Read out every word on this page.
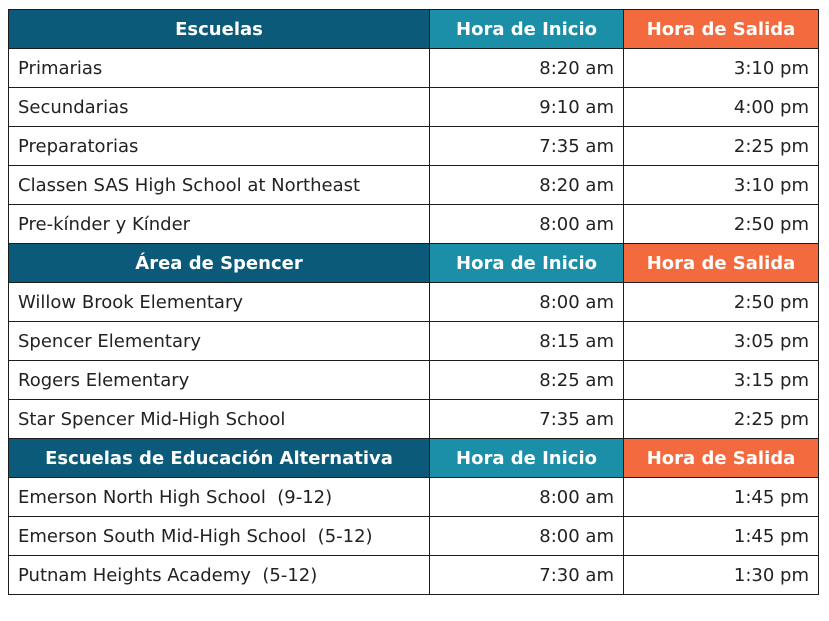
Escuelas	Hora de Inicio	Hora de Salida
Primarias	8:20 am	3:10 pm
Secundarias	9:10 am	4:00 pm
Preparatorias	7:35 am	2:25 pm
Classen SAS High School at Northeast	8:20 am	3:10 pm
Pre-kínder y Kínder	8:00 am	2:50 pm
Área de Spencer	Hora de Inicio	Hora de Salida
Willow Brook Elementary	8:00 am	2:50 pm
Spencer Elementary	8:15 am	3:05 pm
Rogers Elementary	8:25 am	3:15 pm
Star Spencer Mid-High School	7:35 am	2:25 pm
Escuelas de Educación Alternativa	Hora de Inicio	Hora de Salida
Emerson North High School  (9-12)	8:00 am	1:45 pm
Emerson South Mid-High School  (5-12)	8:00 am	1:45 pm
Putnam Heights Academy  (5-12)	7:30 am	1:30 pm
